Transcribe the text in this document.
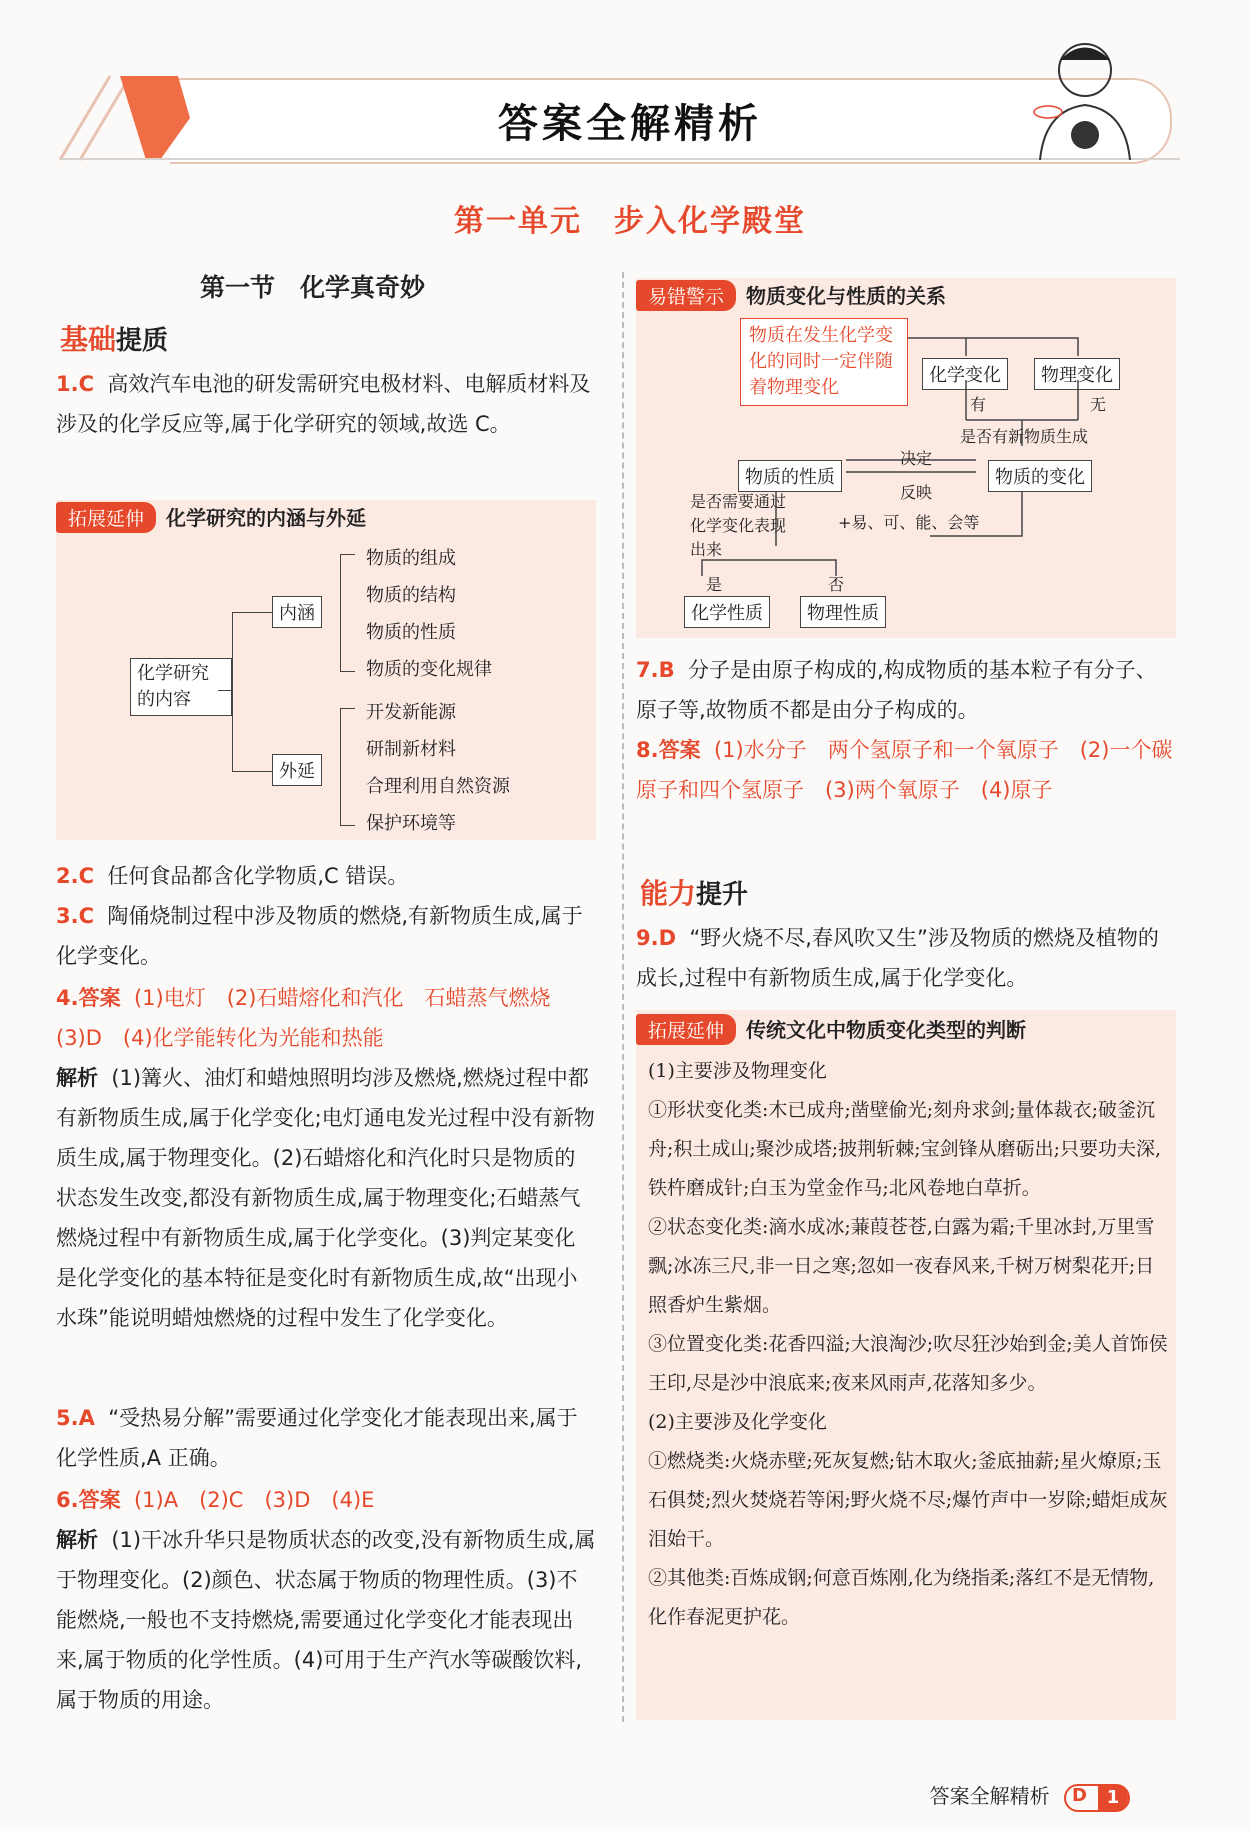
答案全解精析
第一单元　步入化学殿堂
第一节　化学真奇妙
基础提质
1.C 高效汽车电池的研发需研究电极材料、电解质材料及涉及的化学反应等,属于化学研究的领域,故选 C。
拓展延伸 化学研究的内涵与外延
化学研究的内容
内涵
外延
物质的组成
物质的结构
物质的性质
物质的变化规律
开发新能源
研制新材料
合理利用自然资源
保护环境等
2.C 任何食品都含化学物质,C 错误。
3.C 陶俑烧制过程中涉及物质的燃烧,有新物质生成,属于化学变化。
4.答案 (1)电灯　(2)石蜡熔化和汽化　石蜡蒸气燃烧　(3)D　(4)化学能转化为光能和热能
解析 (1)篝火、油灯和蜡烛照明均涉及燃烧,燃烧过程中都有新物质生成,属于化学变化;电灯通电发光过程中没有新物质生成,属于物理变化。(2)石蜡熔化和汽化时只是物质的状态发生改变,都没有新物质生成,属于物理变化;石蜡蒸气燃烧过程中有新物质生成,属于化学变化。(3)判定某变化是化学变化的基本特征是变化时有新物质生成,故“出现小水珠”能说明蜡烛燃烧的过程中发生了化学变化。
5.A “受热易分解”需要通过化学变化才能表现出来,属于化学性质,A 正确。
6.答案 (1)A　(2)C　(3)D　(4)E
解析 (1)干冰升华只是物质状态的改变,没有新物质生成,属于物理变化。(2)颜色、状态属于物质的物理性质。(3)不能燃烧,一般也不支持燃烧,需要通过化学变化才能表现出来,属于物质的化学性质。(4)可用于生产汽水等碳酸饮料,属于物质的用途。
易错警示 物质变化与性质的关系
物质在发生化学变化的同时一定伴随着物理变化
化学变化	物理变化
有	无
是否有新物质生成
物质的性质	物质的变化
决定
反映
是否需要通过化学变化表现出来
+易、可、能、会等
是	否
化学性质	物理性质
7.B 分子是由原子构成的,构成物质的基本粒子有分子、原子等,故物质不都是由分子构成的。
8.答案 (1)水分子　两个氢原子和一个氧原子　(2)一个碳原子和四个氢原子　(3)两个氧原子　(4)原子
能力提升
9.D “野火烧不尽,春风吹又生”涉及物质的燃烧及植物的成长,过程中有新物质生成,属于化学变化。
拓展延伸 传统文化中物质变化类型的判断
(1)主要涉及物理变化
①形状变化类:木已成舟;凿壁偷光;刻舟求剑;量体裁衣;破釜沉舟;积土成山;聚沙成塔;披荆斩棘;宝剑锋从磨砺出;只要功夫深,铁杵磨成针;白玉为堂金作马;北风卷地白草折。
②状态变化类:滴水成冰;蒹葭苍苍,白露为霜;千里冰封,万里雪飘;冰冻三尺,非一日之寒;忽如一夜春风来,千树万树梨花开;日照香炉生紫烟。
③位置变化类:花香四溢;大浪淘沙;吹尽狂沙始到金;美人首饰侯王印,尽是沙中浪底来;夜来风雨声,花落知多少。
(2)主要涉及化学变化
①燃烧类:火烧赤壁;死灰复燃;钻木取火;釜底抽薪;星火燎原;玉石俱焚;烈火焚烧若等闲;野火烧不尽;爆竹声中一岁除;蜡炬成灰泪始干。
②其他类:百炼成钢;何意百炼刚,化为绕指柔;落红不是无情物,化作春泥更护花。
答案全解精析 D	1
